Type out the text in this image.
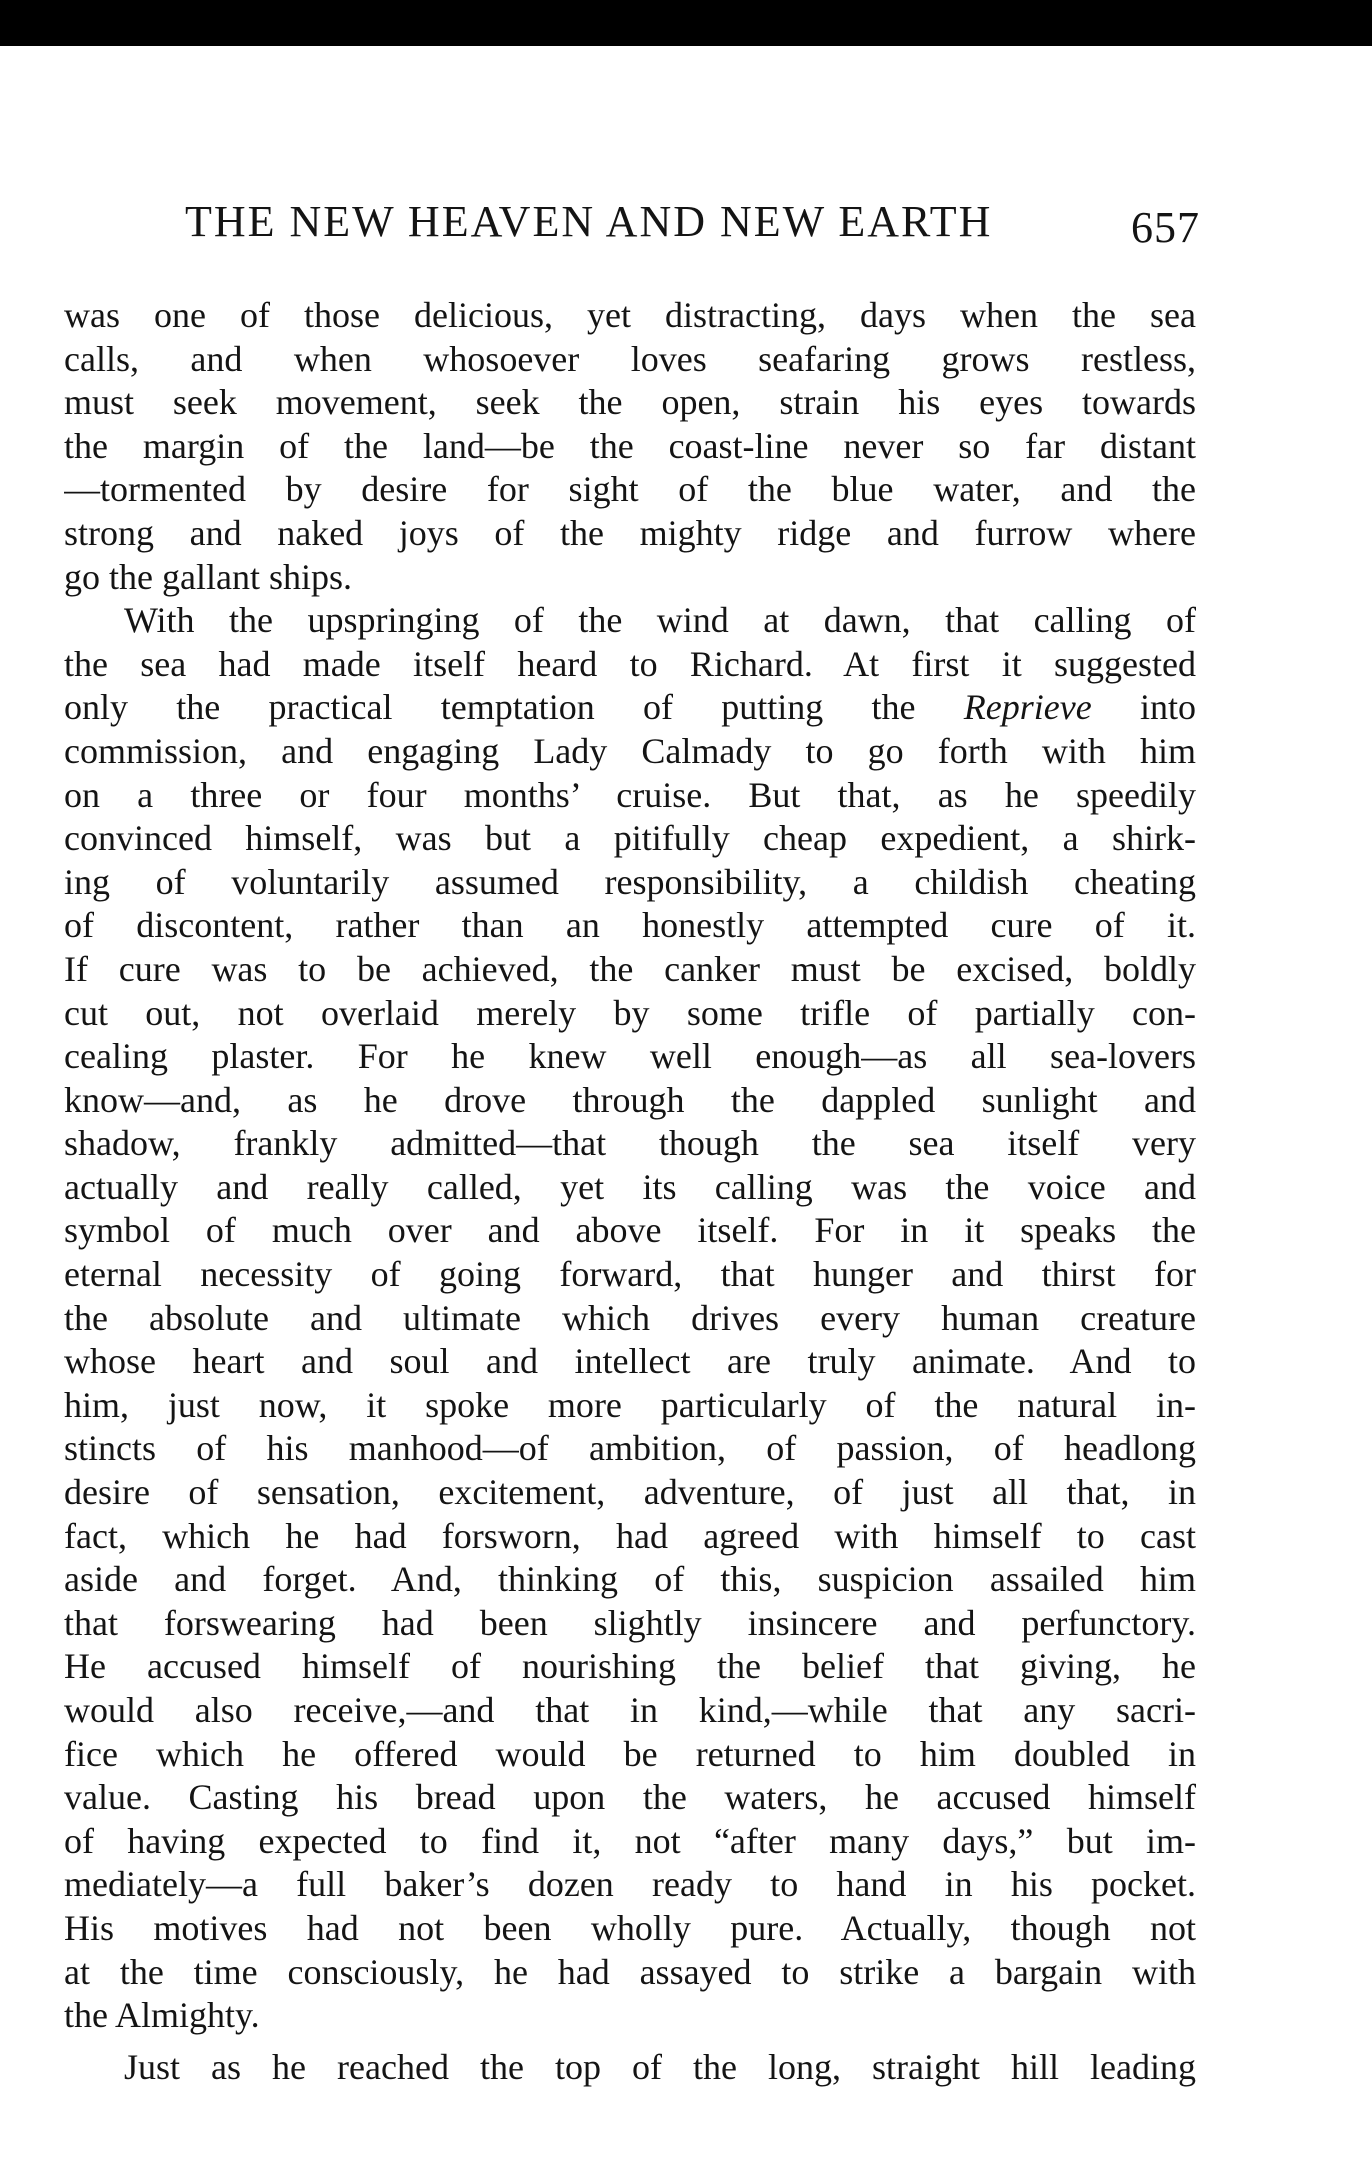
THE NEW HEAVEN AND NEW EARTH	657
was one of those delicious, yet distracting, days when the sea
calls, and when whosoever loves seafaring grows restless,
must seek movement, seek the open, strain his eyes towards
the margin of the land—be the coast-line never so far distant
—tormented by desire for sight of the blue water, and the
strong and naked joys of the mighty ridge and furrow where
go the gallant ships.
With the upspringing of the wind at dawn, that calling of
the sea had made itself heard to Richard. At first it suggested
only the practical temptation of putting the Reprieve into
commission, and engaging Lady Calmady to go forth with him
on a three or four months’ cruise. But that, as he speedily
convinced himself, was but a pitifully cheap expedient, a shirk-
ing of voluntarily assumed responsibility, a childish cheating
of discontent, rather than an honestly attempted cure of it.
If cure was to be achieved, the canker must be excised, boldly
cut out, not overlaid merely by some trifle of partially con-
cealing plaster. For he knew well enough—as all sea-lovers
know—and, as he drove through the dappled sunlight and
shadow, frankly admitted—that though the sea itself very
actually and really called, yet its calling was the voice and
symbol of much over and above itself. For in it speaks the
eternal necessity of going forward, that hunger and thirst for
the absolute and ultimate which drives every human creature
whose heart and soul and intellect are truly animate. And to
him, just now, it spoke more particularly of the natural in-
stincts of his manhood—of ambition, of passion, of headlong
desire of sensation, excitement, adventure, of just all that, in
fact, which he had forsworn, had agreed with himself to cast
aside and forget. And, thinking of this, suspicion assailed him
that forswearing had been slightly insincere and perfunctory.
He accused himself of nourishing the belief that giving, he
would also receive,—and that in kind,—while that any sacri-
fice which he offered would be returned to him doubled in
value. Casting his bread upon the waters, he accused himself
of having expected to find it, not “after many days,” but im-
mediately—a full baker’s dozen ready to hand in his pocket.
His motives had not been wholly pure. Actually, though not
at the time consciously, he had assayed to strike a bargain with
the Almighty.
Just as he reached the top of the long, straight hill leading
